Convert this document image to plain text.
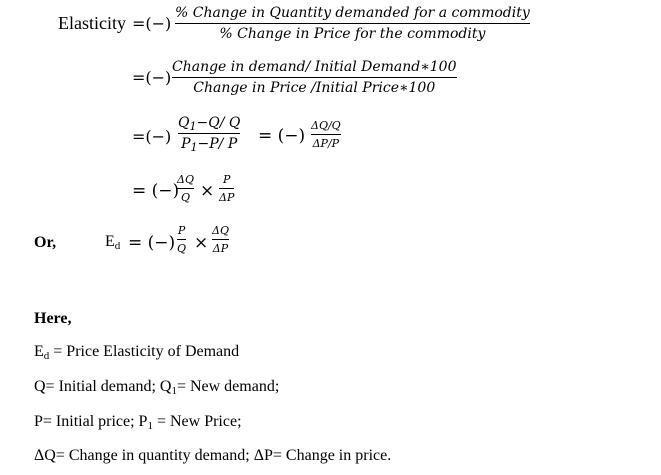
Elasticity =(−)
% Change in Quantity demanded for a commodity
% Change in Price for the commodity
=(−)
Change in demand/ Initial Demand∗100
Change in Price /Initial Price∗100
=(−)
$Q_1-Q/$ Q
$P_1-P/$ P = (−)
ΔQ/Q
ΔP/P
= (−)
ΔQ
Q ×
P
ΔP
Or,	$E_d$ = (−)
P
Q ×
ΔQ
ΔP
Here,
$E_d$ = Price Elasticity of Demand
Q= Initial demand; $Q_1=$ New demand;
P= Initial price; $P_1$ = New Price;
ΔQ= Change in quantity demand; ΔP= Change in price.
